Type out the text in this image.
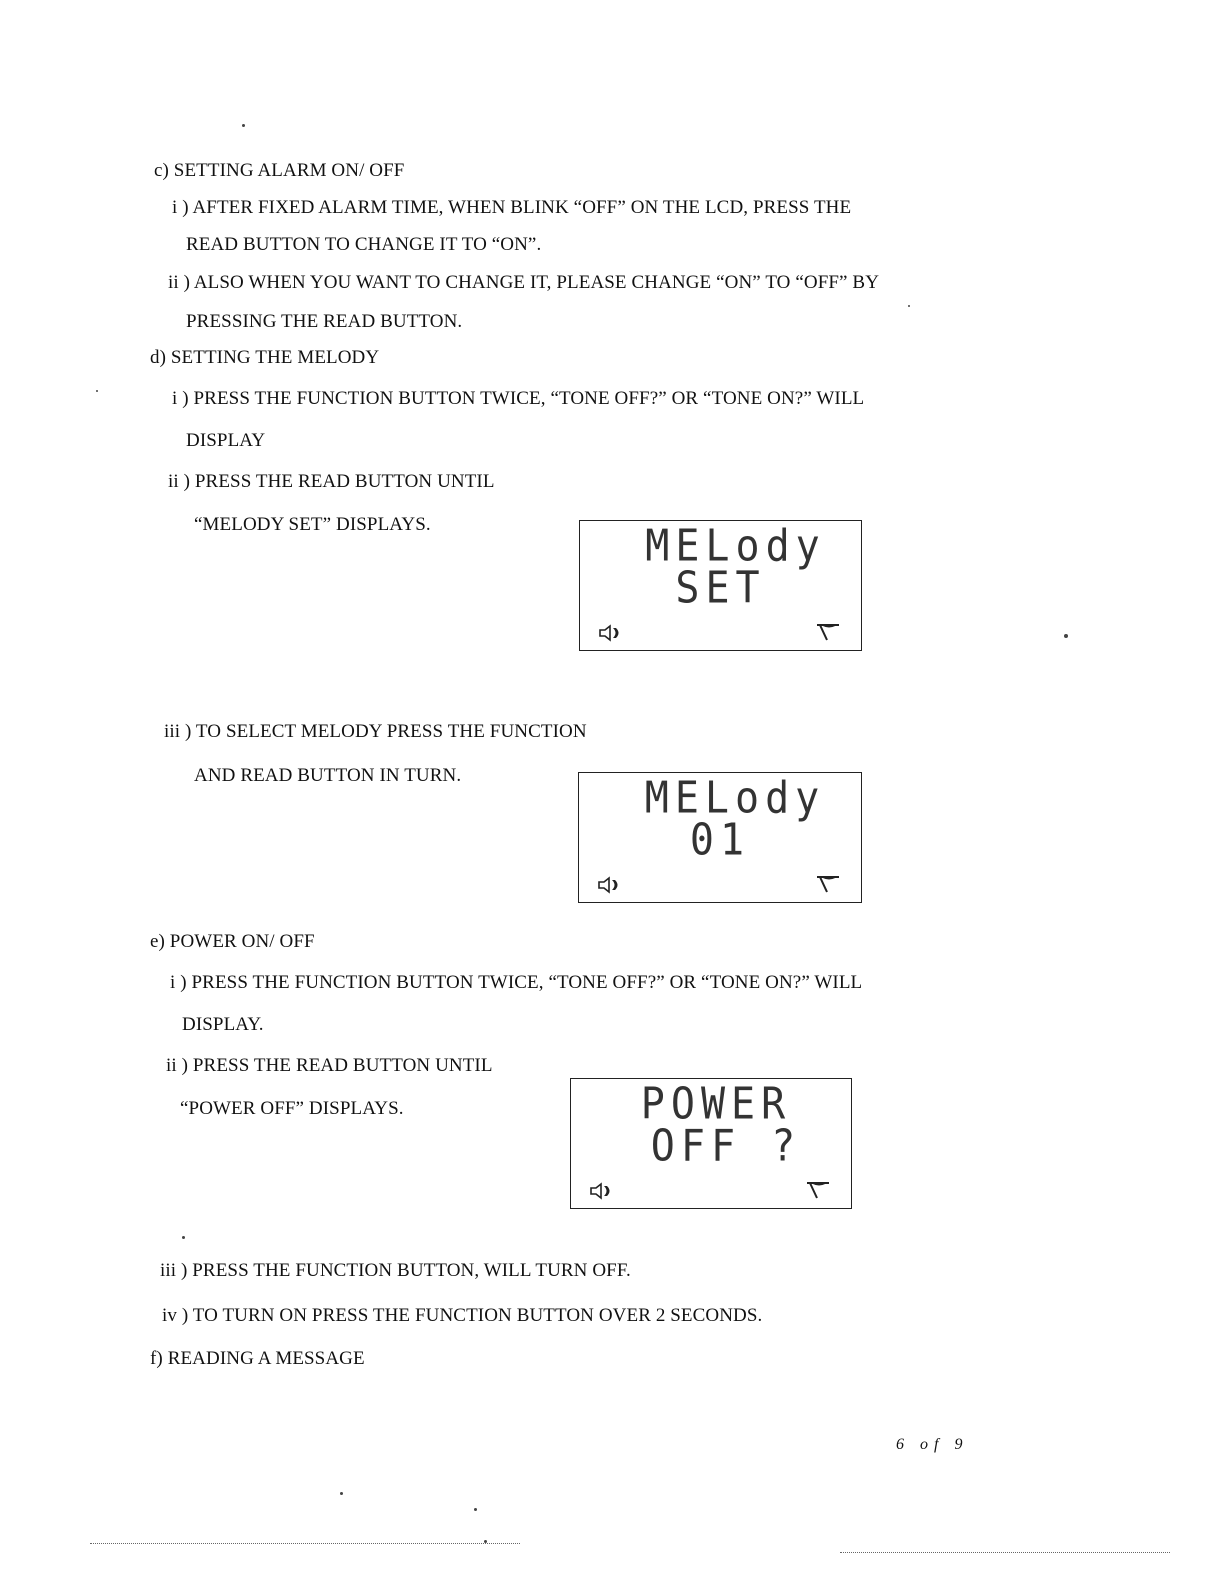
c) SETTING ALARM ON/ OFF
i ) AFTER FIXED ALARM TIME, WHEN BLINK “OFF” ON THE LCD, PRESS THE
READ BUTTON TO CHANGE IT TO “ON”.
ii ) ALSO WHEN YOU WANT TO CHANGE IT, PLEASE CHANGE “ON” TO “OFF” BY
PRESSING THE READ BUTTON.
d) SETTING THE MELODY
i ) PRESS THE FUNCTION BUTTON TWICE, “TONE OFF?” OR “TONE ON?” WILL
DISPLAY
ii ) PRESS THE READ BUTTON UNTIL
“MELODY SET” DISPLAYS.	MELody
SET
iii ) TO SELECT MELODY PRESS THE FUNCTION
AND READ BUTTON IN TURN.	MELody
01
e) POWER ON/ OFF
i ) PRESS THE FUNCTION BUTTON TWICE, “TONE OFF?” OR “TONE ON?” WILL
DISPLAY.
ii ) PRESS THE READ BUTTON UNTIL
“POWER OFF” DISPLAYS.	POWER
OFF ?
iii ) PRESS THE FUNCTION BUTTON, WILL TURN OFF.
iv ) TO TURN ON PRESS THE FUNCTION BUTTON OVER 2 SECONDS.
f) READING A MESSAGE
6 of 9
